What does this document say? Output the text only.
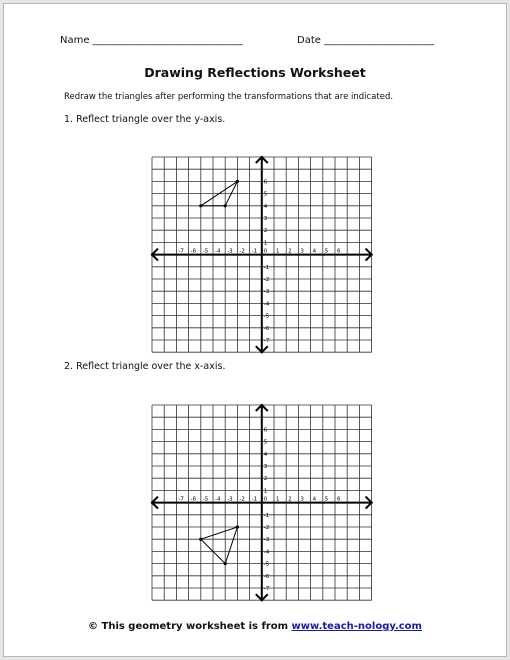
Name ______________________________	Date ______________________
Drawing Reflections Worksheet
Redraw the triangles after performing the transformations that are indicated.
1. Reflect triangle over the y-axis.
-7 -6 -5 -4 -3 -2 -1 0 1 2 3 4 5 6
6
5
4
3
2
1
-1
-2
-3
-4
-5
-6
-7
2. Reflect triangle over the x-axis.
-7 -6 -5 -4 -3 -2 -1 0 1 2 3 4 5 6
6
5
4
3
2
1
-1
-2
-3
-4
-5
-6
-7
© This geometry worksheet is from www.teach-nology.com
